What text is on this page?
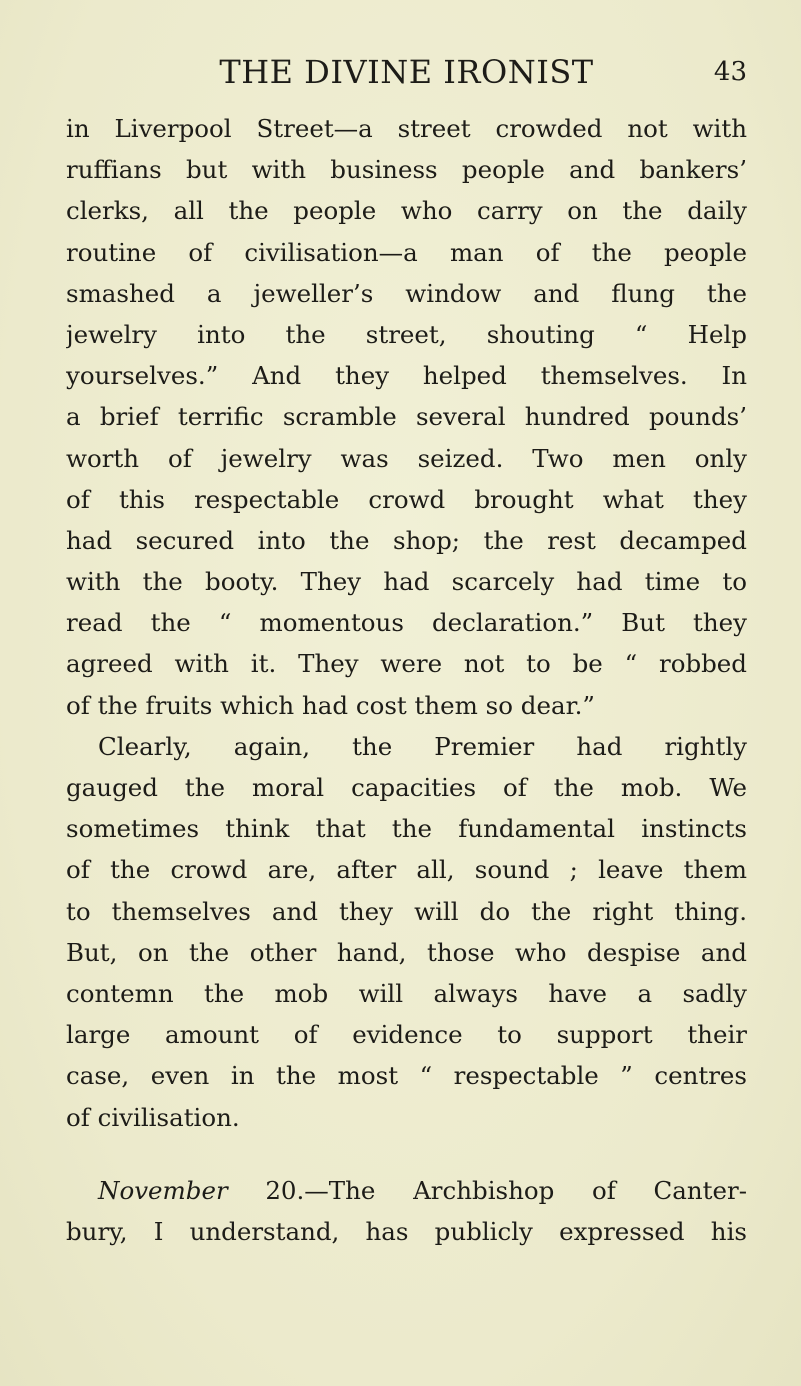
THE DIVINE IRONIST	43
in Liverpool Street—a street crowded not with
ruffians but with business people and bankers’
clerks, all the people who carry on the daily
routine of civilisation—a man of the people
smashed a jeweller’s window and flung the
jewelry into the street, shouting “ Help
yourselves.” And they helped themselves. In
a brief terrific scramble several hundred pounds’
worth of jewelry was seized. Two men only
of this respectable crowd brought what they
had secured into the shop; the rest decamped
with the booty. They had scarcely had time to
read the “ momentous declaration.” But they
agreed with it. They were not to be “ robbed
of the fruits which had cost them so dear.”
Clearly, again, the Premier had rightly
gauged the moral capacities of the mob. We
sometimes think that the fundamental instincts
of the crowd are, after all, sound ; leave them
to themselves and they will do the right thing.
But, on the other hand, those who despise and
contemn the mob will always have a sadly
large amount of evidence to support their
case, even in the most “ respectable ” centres
of civilisation.
November 20.—The Archbishop of Canter-
bury, I understand, has publicly expressed his
